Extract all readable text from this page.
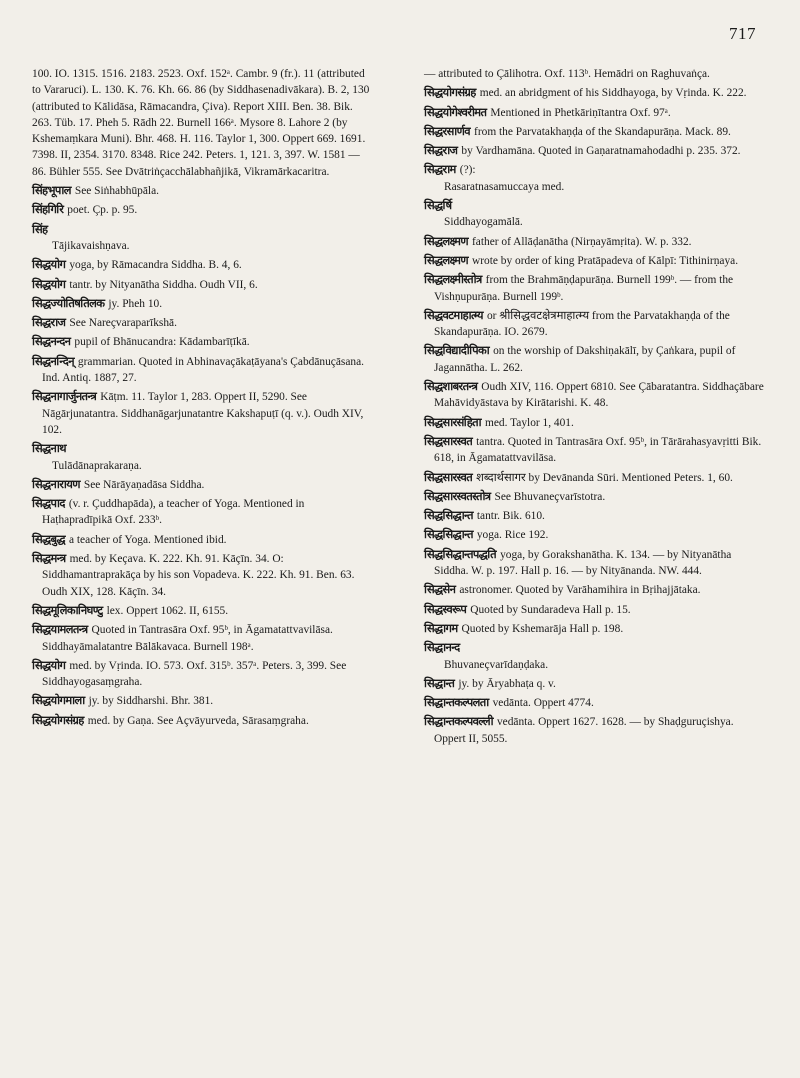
717
100. IO. 1315. 1516. 2183. 2523. Oxf. 152ᵃ. Cambr. 9 (fr.). 11 (attributed to Vararuci). L. 130. K. 76. Kh. 66. 86 (by Siddhasenadivākara). B. 2, 130 (attributed to Kālidāsa, Rāmacandra, Çiva). Report XIII. Ben. 38. Bik. 263. Tüb. 17. Pheh 5. Rādh 22. Burnell 166ᵃ. Mysore 8. Lahore 2 (by Kshemaṃkara Muni). Bhr. 468. H. 116. Taylor 1, 300. Oppert 669. 1691. 7398. II, 2354. 3170. 8348. Rice 242. Peters. 1, 121. 3, 397. W. 1581 —86. Bühler 555. See Dvātriṅçacchālabhañjikā, Vikramārkacaritra.
सिंहभूपाल See Siṅhabhūpāla.
सिंहगिरि poet. Çp. p. 95.
सिंह
Tājikavaishṇava.
सिद्धयोग yoga, by Rāmacandra Siddha. B. 4, 6.
सिद्धयोग tantr. by Nityanātha Siddha. Oudh VII, 6.
सिद्धज्योतिषतिलक jy. Pheh 10.
सिद्धराज See Nareçvaraparīkshā.
सिद्धनन्दन pupil of Bhānucandra: Kādambarīṭīkā.
सिद्धनन्दिन् grammarian. Quoted in Abhinavaçākaṭāyana's Çabdānuçāsana. Ind. Antiq. 1887, 27.
सिद्धनागार्जुनतन्त्र Kāṭm. 11. Taylor 1, 283. Oppert II, 5290. See Nāgārjunatantra. Siddhanāgarjunatantre Kakshapuṭī (q. v.). Oudh XIV, 102.
सिद्धनाथ
Tulādānaprakaraṇa.
सिद्धनारायण See Nārāyaṇadāsa Siddha.
सिद्धपाद (v. r. Çuddhapāda), a teacher of Yoga. Mentioned in Haṭhapradīpikā Oxf. 233ᵇ.
सिद्धबुद्ध a teacher of Yoga. Mentioned ibid.
सिद्धमन्त्र med. by Keçava. K. 222. Kh. 91. Kāçīn. 34. O: Siddhamantraprakāça by his son Vopadeva. K. 222. Kh. 91. Ben. 63. Oudh XIX, 128. Kāçīn. 34.
सिद्धमूलिकानिघण्टु lex. Oppert 1062. II, 6155.
सिद्धयामलतन्त्र Quoted in Tantrasāra Oxf. 95ᵇ, in Āgamatattvavilāsa. Siddhayāmalatantre Bālākavaca. Burnell 198ᵃ.
सिद्धयोग med. by Vṛinda. IO. 573. Oxf. 315ᵇ. 357ᵃ. Peters. 3, 399. See Siddhayogasaṃgraha.
सिद्धयोगमाला jy. by Siddharshi. Bhr. 381.
सिद्धयोगसंग्रह med. by Gaṇa. See Açvāyurveda, Sārasaṃgraha.
— attributed to Çālihotra. Oxf. 113ᵇ. Hemādri on Raghuvaṅça.
सिद्धयोगसंग्रह med. an abridgment of his Siddhayoga, by Vṛinda. K. 222.
सिद्धयोगेश्वरीमत Mentioned in Phetkāriṇītantra Oxf. 97ᵃ.
सिद्धरसार्णव from the Parvatakhaṇḍa of the Skandapurāṇa. Mack. 89.
सिद्धराज by Vardhamāna. Quoted in Gaṇaratnamahodadhi p. 235. 372.
सिद्धराम (?):
Rasaratnasamuccaya med.
सिद्धर्षि
Siddhayogamālā.
सिद्धलक्ष्मण father of Allāḍanātha (Nirṇayāmṛita). W. p. 332.
सिद्धलक्ष्मण wrote by order of king Pratāpadeva of Kālpī: Tithinirṇaya.
सिद्धलक्ष्मीस्तोत्र from the Brahmāṇḍapurāṇa. Burnell 199ᵇ. — from the Vishṇupurāṇa. Burnell 199ᵇ.
सिद्धवटमाहात्म्य or श्रीसिद्धवटक्षेत्रमाहात्म्य from the Parvatakhaṇḍa of the Skandapurāṇa. IO. 2679.
सिद्धविद्यादीपिका on the worship of Dakshiṇakālī, by Çaṅkara, pupil of Jagannātha. L. 262.
सिद्धशाबरतन्त्र Oudh XIV, 116. Oppert 6810. See Çābaratantra. Siddhaçābare Mahāvidyāstava by Kirātarishi. K. 48.
सिद्धसारसंहिता med. Taylor 1, 401.
सिद्धसारस्वत tantra. Quoted in Tantrasāra Oxf. 95ᵇ, in Tārārahasyavṛitti Bik. 618, in Āgamatattvavilāsa.
सिद्धसारस्वत शब्दार्थसागर by Devānanda Sūri. Mentioned Peters. 1, 60.
सिद्धसारस्वतस्तोत्र See Bhuvaneçvarīstotra.
सिद्धसिद्धान्त tantr. Bik. 610.
सिद्धसिद्धान्त yoga. Rice 192.
सिद्धसिद्धान्तपद्धति yoga, by Gorakshanātha. K. 134. — by Nityanātha Siddha. W. p. 197. Hall p. 16. — by Nityānanda. NW. 444.
सिद्धसेन astronomer. Quoted by Varāhamihira in Bṛihajjātaka.
सिद्धस्वरूप Quoted by Sundaradeva Hall p. 15.
सिद्धागम Quoted by Kshemarāja Hall p. 198.
सिद्धानन्द
Bhuvaneçvarīdaṇḍaka.
सिद्धान्त jy. by Āryabhaṭa q. v.
सिद्धान्तकल्पलता vedānta. Oppert 4774.
सिद्धान्तकल्पवल्ली vedānta. Oppert 1627. 1628. — by Shaḍguruçishya. Oppert II, 5055.
